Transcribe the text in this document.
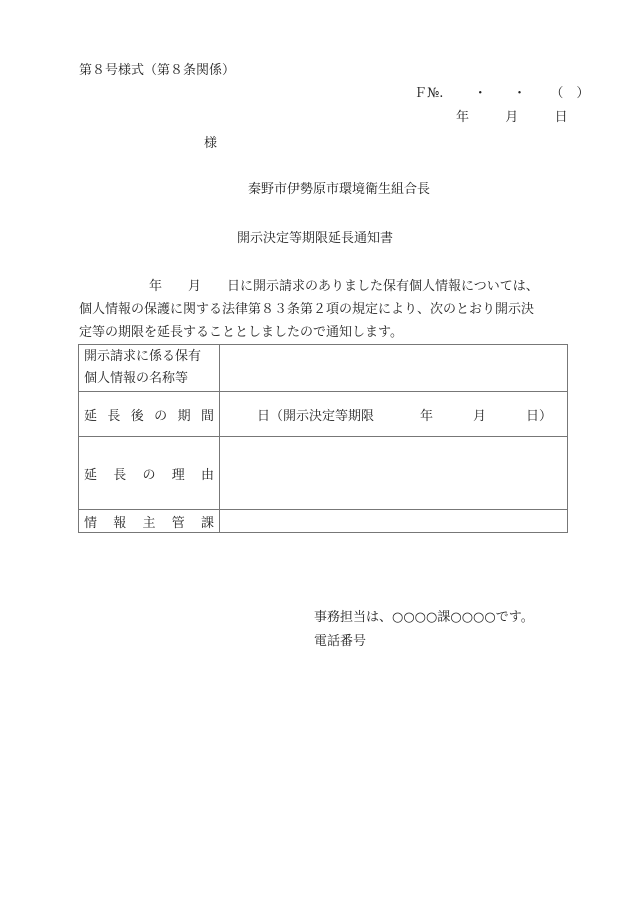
第８号様式（第８条関係）
Ｆ№. ・ ・ （　）
年	月	日
様
秦野市伊勢原市環境衛生組合長
開示決定等期限延長通知書
年 月 日に開示請求のありました保有個人情報については、
個人情報の保護に関する法律第８３条第２項の規定により、次のとおり開示決
定等の期限を延長することとしましたので通知します。
開示請求に係る保有
個人情報の名称等	

延 長 後 の 期 間	日（開示決定等期限	年	月	日）

延 長 の 理 由	

情 報 主 管 課	

事務担当は、○○○○課○○○○です。
電話番号
